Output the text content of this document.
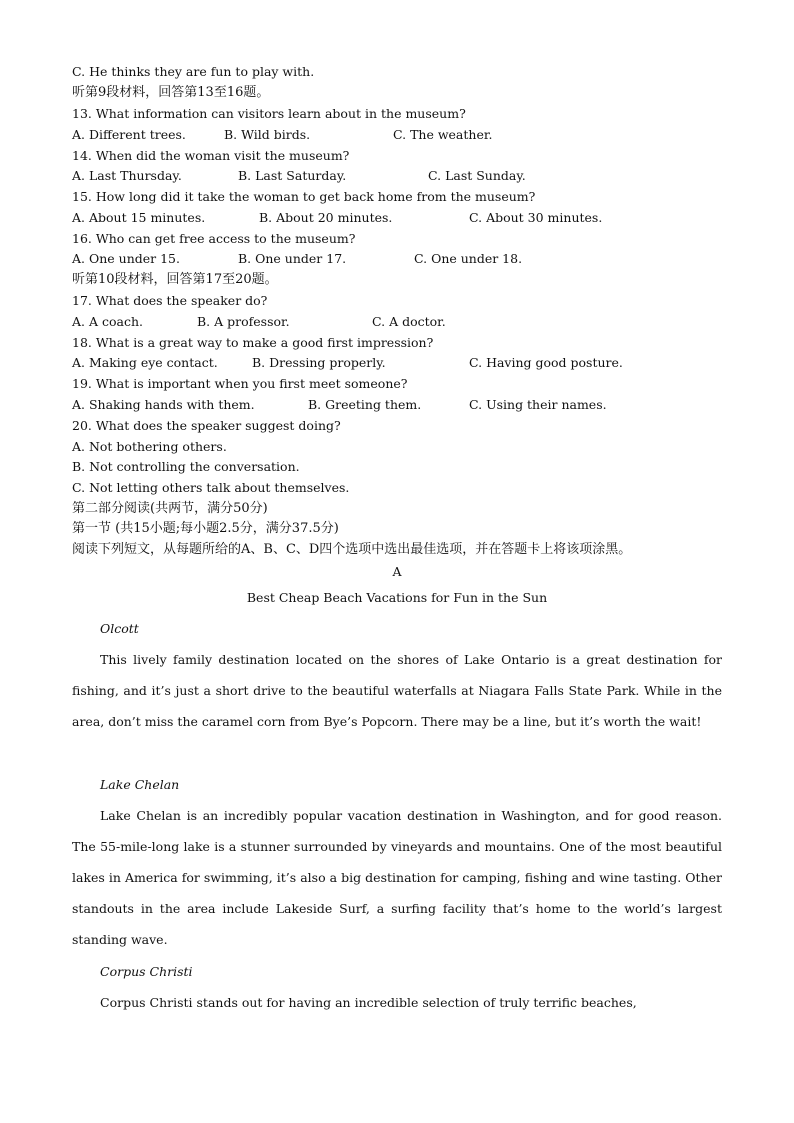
C. He thinks they are fun to play with.
听第9段材料，回答第13至16题。
13. What information can visitors learn about in the museum?
A. Different trees.	B. Wild birds.	C. The weather.
14. When did the woman visit the museum?
A. Last Thursday.	B. Last Saturday.	C. Last Sunday.
15. How long did it take the woman to get back home from the museum?
A. About 15 minutes.	B. About 20 minutes.	C. About 30 minutes.
16. Who can get free access to the museum?
A. One under 15.	B. One under 17.	C. One under 18.
听第10段材料，回答第17至20题。
17. What does the speaker do?
A. A coach.	B. A professor.	C. A doctor.
18. What is a great way to make a good first impression?
A. Making eye contact.	B. Dressing properly.	C. Having good posture.
19. What is important when you first meet someone?
A. Shaking hands with them.	B. Greeting them.	C. Using their names.
20. What does the speaker suggest doing?
A. Not bothering others.
B. Not controlling the conversation.
C. Not letting others talk about themselves.
第二部分阅读(共两节，满分50分)
第一节 (共15小题;每小题2.5分，满分37.5分)
阅读下列短文，从每题所给的A、B、C、D四个选项中选出最佳选项，并在答题卡上将该项涂黑。
A
Best Cheap Beach Vacations for Fun in the Sun
Olcott
This lively family destination located on the shores of Lake Ontario is a great destination for fishing, and it’s just a short drive to the beautiful waterfalls at Niagara Falls State Park. While in the area, don’t miss the caramel corn from Bye’s Popcorn. There may be a line, but it’s worth the wait!
Lake Chelan
Lake Chelan is an incredibly popular vacation destination in Washington, and for good reason. The 55-mile-long lake is a stunner surrounded by vineyards and mountains. One of the most beautiful lakes in America for swimming, it’s also a big destination for camping, fishing and wine tasting. Other standouts in the area include Lakeside Surf, a surfing facility that’s home to the world’s largest standing wave.
Corpus Christi
Corpus Christi stands out for having an incredible selection of truly terrific beaches,
